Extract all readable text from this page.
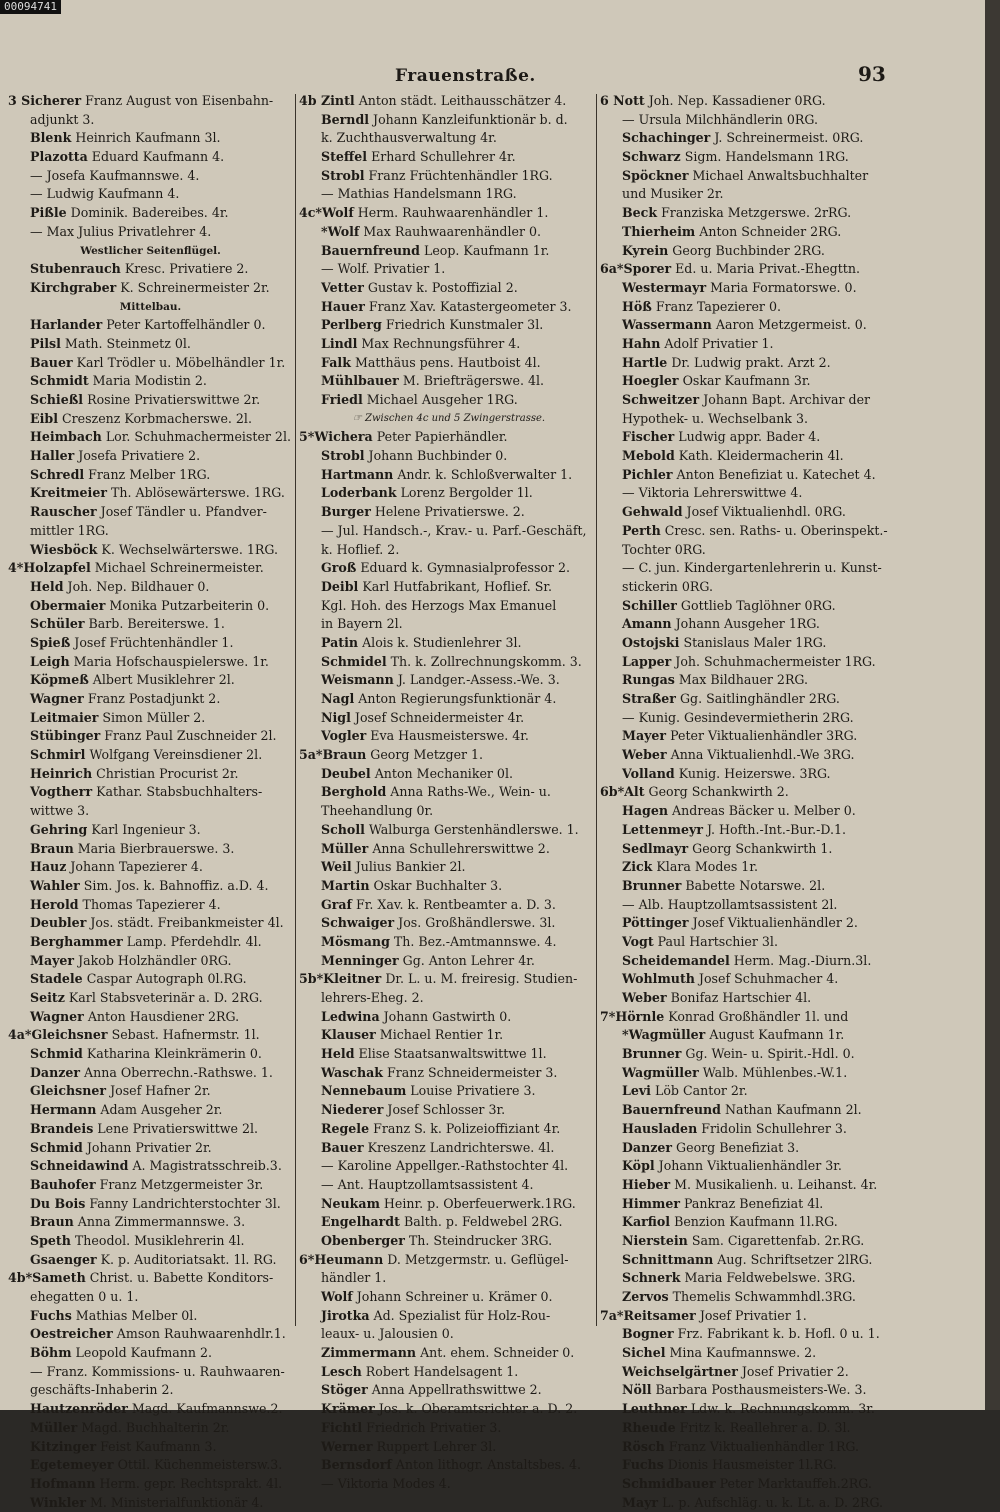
00094741
Frauenstraße.	93
3 Sicherer Franz August von Eisenbahn-
adjunkt 3.
Blenk Heinrich Kaufmann 3l.
Plazotta Eduard Kaufmann 4.
— Josefa Kaufmannswe. 4.
— Ludwig Kaufmann 4.
Pißle Dominik. Badereibes. 4r.
— Max Julius Privatlehrer 4.
Westlicher Seitenflügel.
Stubenrauch Kresc. Privatiere 2.
Kirchgraber K. Schreinermeister 2r.
Mittelbau.
Harlander Peter Kartoffelhändler 0.
Pilsl Math. Steinmetz 0l.
Bauer Karl Trödler u. Möbelhändler 1r.
Schmidt Maria Modistin 2.
Schießl Rosine Privatierswittwe 2r.
Eibl Creszenz Korbmacherswe. 2l.
Heimbach Lor. Schuhmachermeister 2l.
Haller Josefa Privatiere 2.
Schredl Franz Melber 1RG.
Kreitmeier Th. Ablösewärterswe. 1RG.
Rauscher Josef Tändler u. Pfandver-
mittler 1RG.
Wiesböck K. Wechselwärterswe. 1RG.
4*Holzapfel Michael Schreinermeister.
Held Joh. Nep. Bildhauer 0.
Obermaier Monika Putzarbeiterin 0.
Schüler Barb. Bereiterswe. 1.
Spieß Josef Früchtenhändler 1.
Leigh Maria Hofschauspielerswe. 1r.
Köpmeß Albert Musiklehrer 2l.
Wagner Franz Postadjunkt 2.
Leitmaier Simon Müller 2.
Stübinger Franz Paul Zuschneider 2l.
Schmirl Wolfgang Vereinsdiener 2l.
Heinrich Christian Procurist 2r.
Vogtherr Kathar. Stabsbuchhalters-
wittwe 3.
Gehring Karl Ingenieur 3.
Braun Maria Bierbrauerswe. 3.
Hauz Johann Tapezierer 4.
Wahler Sim. Jos. k. Bahnoffiz. a.D. 4.
Herold Thomas Tapezierer 4.
Deubler Jos. städt. Freibankmeister 4l.
Berghammer Lamp. Pferdehdlr. 4l.
Mayer Jakob Holzhändler 0RG.
Stadele Caspar Autograph 0l.RG.
Seitz Karl Stabsveterinär a. D. 2RG.
Wagner Anton Hausdiener 2RG.
4a*Gleichsner Sebast. Hafnermstr. 1l.
Schmid Katharina Kleinkrämerin 0.
Danzer Anna Oberrechn.-Rathswe. 1.
Gleichsner Josef Hafner 2r.
Hermann Adam Ausgeher 2r.
Brandeis Lene Privatierswittwe 2l.
Schmid Johann Privatier 2r.
Schneidawind A. Magistratsschreib.3.
Bauhofer Franz Metzgermeister 3r.
Du Bois Fanny Landrichterstochter 3l.
Braun Anna Zimmermannswe. 3.
Speth Theodol. Musiklehrerin 4l.
Gsaenger K. p. Auditoriatsakt. 1l. RG.
4b*Sameth Christ. u. Babette Konditors-
ehegatten 0 u. 1.
Fuchs Mathias Melber 0l.
Oestreicher Amson Rauhwaarenhdlr.1.
Böhm Leopold Kaufmann 2.
— Franz. Kommissions- u. Rauhwaaren-
geschäfts-Inhaberin 2.
Hautzenröder Magd. Kaufmannswe.2.
Müller Magd. Buchhalterin 2r.
Kitzinger Feist Kaufmann 3.
Egetemeyer Ottil. Küchenmeistersw.3.
Hofmann Herm. gepr. Rechtsprakt. 4l.
Winkler M. Ministerialfunktionär 4.
4b Zintl Anton städt. Leithausschätzer 4.
Berndl Johann Kanzleifunktionär b. d.
k. Zuchthausverwaltung 4r.
Steffel Erhard Schullehrer 4r.
Strobl Franz Früchtenhändler 1RG.
— Mathias Handelsmann 1RG.
4c*Wolf Herm. Rauhwaarenhändler 1.
*Wolf Max Rauhwaarenhändler 0.
Bauernfreund Leop. Kaufmann 1r.
— Wolf. Privatier 1.
Vetter Gustav k. Postoffizial 2.
Hauer Franz Xav. Katastergeometer 3.
Perlberg Friedrich Kunstmaler 3l.
Lindl Max Rechnungsführer 4.
Falk Matthäus pens. Hautboist 4l.
Mühlbauer M. Briefträgerswe. 4l.
Friedl Michael Ausgeher 1RG.
☞ Zwischen 4c und 5 Zwingerstrasse.
5*Wichera Peter Papierhändler.
Strobl Johann Buchbinder 0.
Hartmann Andr. k. Schloßverwalter 1.
Loderbank Lorenz Bergolder 1l.
Burger Helene Privatierswe. 2.
— Jul. Handsch.-, Krav.- u. Parf.-Geschäft,
k. Hoflief. 2.
Groß Eduard k. Gymnasialprofessor 2.
Deibl Karl Hutfabrikant, Hoflief. Sr.
Kgl. Hoh. des Herzogs Max Emanuel
in Bayern 2l.
Patin Alois k. Studienlehrer 3l.
Schmidel Th. k. Zollrechnungskomm. 3.
Weismann J. Landger.-Assess.-We. 3.
Nagl Anton Regierungsfunktionär 4.
Nigl Josef Schneidermeister 4r.
Vogler Eva Hausmeisterswe. 4r.
5a*Braun Georg Metzger 1.
Deubel Anton Mechaniker 0l.
Berghold Anna Raths-We., Wein- u.
Theehandlung 0r.
Scholl Walburga Gerstenhändlerswe. 1.
Müller Anna Schullehrerswittwe 2.
Weil Julius Bankier 2l.
Martin Oskar Buchhalter 3.
Graf Fr. Xav. k. Rentbeamter a. D. 3.
Schwaiger Jos. Großhändlerswe. 3l.
Mösmang Th. Bez.-Amtmannswe. 4.
Menninger Gg. Anton Lehrer 4r.
5b*Kleitner Dr. L. u. M. freiresig. Studien-
lehrers-Eheg. 2.
Ledwina Johann Gastwirth 0.
Klauser Michael Rentier 1r.
Held Elise Staatsanwaltswittwe 1l.
Waschak Franz Schneidermeister 3.
Nennebaum Louise Privatiere 3.
Niederer Josef Schlosser 3r.
Regele Franz S. k. Polizeioffiziant 4r.
Bauer Kreszenz Landrichterswe. 4l.
— Karoline Appellger.-Rathstochter 4l.
— Ant. Hauptzollamtsassistent 4.
Neukam Heinr. p. Oberfeuerwerk.1RG.
Engelhardt Balth. p. Feldwebel 2RG.
Obenberger Th. Steindrucker 3RG.
6*Heumann D. Metzgermstr. u. Geflügel-
händler 1.
Wolf Johann Schreiner u. Krämer 0.
Jirotka Ad. Spezialist für Holz-Rou-
leaux- u. Jalousien 0.
Zimmermann Ant. ehem. Schneider 0.
Lesch Robert Handelsagent 1.
Stöger Anna Appellrathswittwe 2.
Krämer Jos. k. Oberamtsrichter a. D. 2.
Fichtl Friedrich Privatier 3.
Werner Ruppert Lehrer 3l.
Bernsdorf Anton lithogr. Anstaltsbes. 4.
— Viktoria Modes 4.
6 Nott Joh. Nep. Kassadiener 0RG.
— Ursula Milchhändlerin 0RG.
Schachinger J. Schreinermeist. 0RG.
Schwarz Sigm. Handelsmann 1RG.
Spöckner Michael Anwaltsbuchhalter
und Musiker 2r.
Beck Franziska Metzgerswe. 2rRG.
Thierheim Anton Schneider 2RG.
Kyrein Georg Buchbinder 2RG.
6a*Sporer Ed. u. Maria Privat.-Ehegttn.
Westermayr Maria Formatorswe. 0.
Höß Franz Tapezierer 0.
Wassermann Aaron Metzgermeist. 0.
Hahn Adolf Privatier 1.
Hartle Dr. Ludwig prakt. Arzt 2.
Hoegler Oskar Kaufmann 3r.
Schweitzer Johann Bapt. Archivar der
Hypothek- u. Wechselbank 3.
Fischer Ludwig appr. Bader 4.
Mebold Kath. Kleidermacherin 4l.
Pichler Anton Benefiziat u. Katechet 4.
— Viktoria Lehrerswittwe 4.
Gehwald Josef Viktualienhdl. 0RG.
Perth Cresc. sen. Raths- u. Oberinspekt.-
Tochter 0RG.
— C. jun. Kindergartenlehrerin u. Kunst-
stickerin 0RG.
Schiller Gottlieb Taglöhner 0RG.
Amann Johann Ausgeher 1RG.
Ostojski Stanislaus Maler 1RG.
Lapper Joh. Schuhmachermeister 1RG.
Rungas Max Bildhauer 2RG.
Straßer Gg. Saitlinghändler 2RG.
— Kunig. Gesindevermietherin 2RG.
Mayer Peter Viktualienhändler 3RG.
Weber Anna Viktualienhdl.-We 3RG.
Volland Kunig. Heizerswe. 3RG.
6b*Alt Georg Schankwirth 2.
Hagen Andreas Bäcker u. Melber 0.
Lettenmeyr J. Hofth.-Int.-Bur.-D.1.
Sedlmayr Georg Schankwirth 1.
Zick Klara Modes 1r.
Brunner Babette Notarswe. 2l.
— Alb. Hauptzollamtsassistent 2l.
Pöttinger Josef Viktualienhändler 2.
Vogt Paul Hartschier 3l.
Scheidemandel Herm. Mag.-Diurn.3l.
Wohlmuth Josef Schuhmacher 4.
Weber Bonifaz Hartschier 4l.
7*Hörnle Konrad Großhändler 1l. und
*Wagmüller August Kaufmann 1r.
Brunner Gg. Wein- u. Spirit.-Hdl. 0.
Wagmüller Walb. Mühlenbes.-W.1.
Levi Löb Cantor 2r.
Bauernfreund Nathan Kaufmann 2l.
Hausladen Fridolin Schullehrer 3.
Danzer Georg Benefiziat 3.
Köpl Johann Viktualienhändler 3r.
Hieber M. Musikalienh. u. Leihanst. 4r.
Himmer Pankraz Benefiziat 4l.
Karfiol Benzion Kaufmann 1l.RG.
Nierstein Sam. Cigarettenfab. 2r.RG.
Schnittmann Aug. Schriftsetzer 2lRG.
Schnerk Maria Feldwebelswe. 3RG.
Zervos Themelis Schwammhdl.3RG.
7a*Reitsamer Josef Privatier 1.
Bogner Frz. Fabrikant k. b. Hofl. 0 u. 1.
Sichel Mina Kaufmannswe. 2.
Weichselgärtner Josef Privatier 2.
Nöll Barbara Posthausmeisters-We. 3.
Leuthner Ldw. k. Rechnungskomm. 3r.
Rheude Fritz k. Reallehrer a. D. 3l.
Rösch Franz Viktualienhändler 1RG.
Fuchs Dionis Hausmeister 1l.RG.
Schmidbauer Peter Marktauffeh.2RG.
Mayr L. p. Aufschläg. u. k. Lt. a. D. 2RG.
